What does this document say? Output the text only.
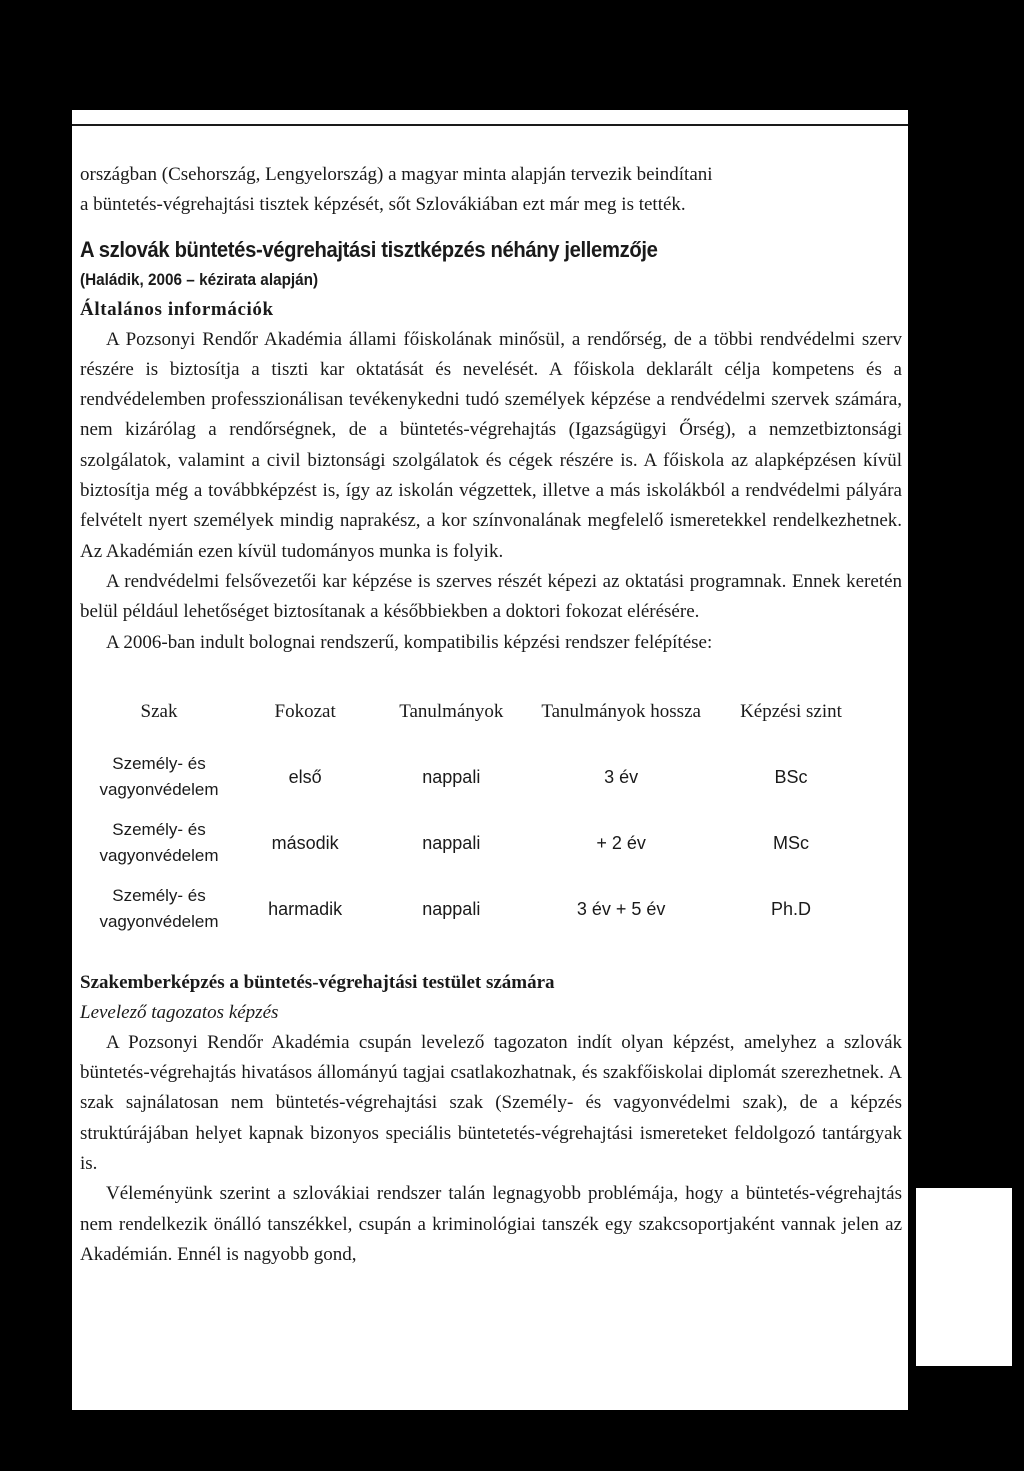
országban (Csehország, Lengyelország) a magyar minta alapján tervezik beindítani
a büntetés-végrehajtási tisztek képzését, sőt Szlovákiában ezt már meg is tették.

A szlovák büntetés-végrehajtási tisztképzés néhány jellemzője
(Haládik, 2006 – kézirata alapján)
Általános információk

A Pozsonyi Rendőr Akadémia állami főiskolának minősül, a rendőrség, de a többi rendvédelmi szerv részére is biztosítja a tiszti kar oktatását és nevelését. A főiskola deklarált célja kompetens és a rendvédelemben professzionálisan tevékenykedni tudó személyek képzése a rendvédelmi szervek számára, nem kizárólag a rendőrségnek, de a büntetés-végrehajtás (Igazságügyi Őrség), a nemzetbiztonsági szolgálatok, valamint a civil biztonsági szolgálatok és cégek részére is. A főiskola az alapképzésen kívül biztosítja még a továbbképzést is, így az iskolán végzettek, illetve a más iskolákból a rendvédelmi pályára felvételt nyert személyek mindig naprakész, a kor színvonalának megfelelő ismeretekkel rendelkezhetnek. Az Akadémián ezen kívül tudományos munka is folyik.

A rendvédelmi felsővezetői kar képzése is szerves részét képezi az oktatási programnak. Ennek keretén belül például lehetőséget biztosítanak a későbbiekben a doktori fokozat elérésére.

A 2006-ban indult bolognai rendszerű, kompatibilis képzési rendszer felépítése:

Szak	Fokozat	Tanulmányok	Tanulmányok hossza	Képzési szint
Személy- és vagyonvédelem	első	nappali	3 év	BSc
Személy- és vagyonvédelem	második	nappali	+ 2 év	MSc
Személy- és vagyonvédelem	harmadik	nappali	3 év + 5 év	Ph.D
Szakemberképzés a büntetés-végrehajtási testület számára
Levelező tagozatos képzés

A Pozsonyi Rendőr Akadémia csupán levelező tagozaton indít olyan képzést, amelyhez a szlovák büntetés-végrehajtás hivatásos állományú tagjai csatlakozhatnak, és szakfőiskolai diplomát szerezhetnek. A szak sajnálatosan nem büntetés-végrehajtási szak (Személy- és vagyonvédelmi szak), de a képzés struktúrájában helyet kapnak bizonyos speciális büntetetés-végrehajtási ismereteket feldolgozó tantárgyak is.

Véleményünk szerint a szlovákiai rendszer talán legnagyobb problémája, hogy a büntetés-végrehajtás nem rendelkezik önálló tanszékkel, csupán a kriminológiai tanszék egy szakcsoportjaként vannak jelen az Akadémián. Ennél is nagyobb gond,
